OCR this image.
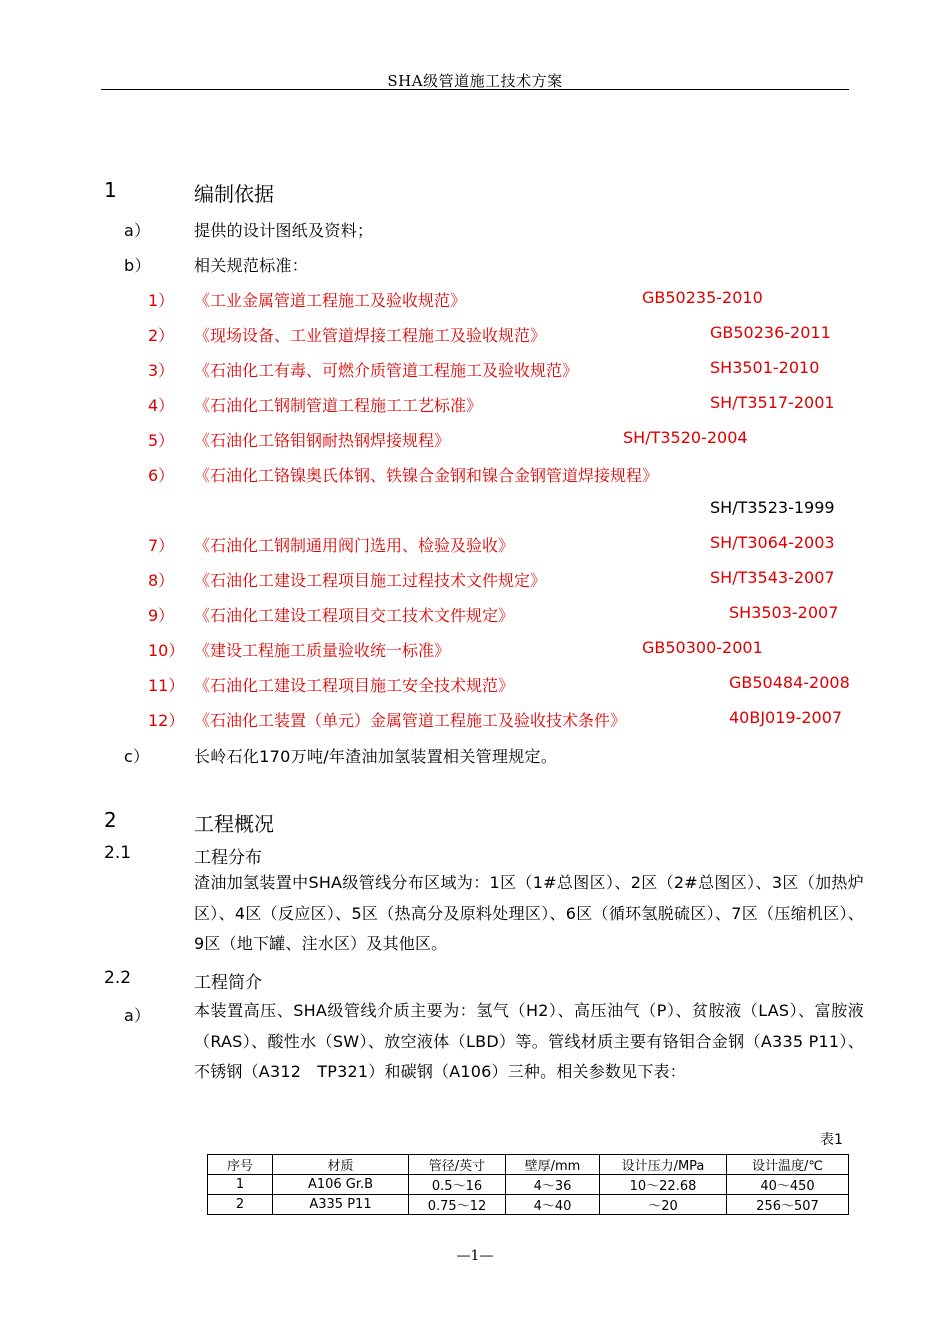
SHA级管道施工技术方案
1	编制依据
a）	提供的设计图纸及资料；
b）	相关规范标准：
1） 《工业金属管道工程施工及验收规范》	GB50235-2010
2） 《现场设备、工业管道焊接工程施工及验收规范》	GB50236-2011
3） 《石油化工有毒、可燃介质管道工程施工及验收规范》	SH3501-2010
4） 《石油化工钢制管道工程施工工艺标准》	SH/T3517-2001
5） 《石油化工铬钼钢耐热钢焊接规程》	SH/T3520-2004
6） 《石油化工铬镍奥氏体钢、铁镍合金钢和镍合金钢管道焊接规程》
SH/T3523-1999
7） 《石油化工钢制通用阀门选用、检验及验收》	SH/T3064-2003
8） 《石油化工建设工程项目施工过程技术文件规定》	SH/T3543-2007
9） 《石油化工建设工程项目交工技术文件规定》	SH3503-2007
10） 《建设工程施工质量验收统一标准》	GB50300-2001
11） 《石油化工建设工程项目施工安全技术规范》	GB50484-2008
12） 《石油化工装置（单元）金属管道工程施工及验收技术条件》	40BJ019-2007
c）	长岭石化170万吨/年渣油加氢装置相关管理规定。
2	工程概况
2.1	工程分布
渣油加氢装置中SHA级管线分布区域为：1区（1#总图区）、2区（2#总图区）、3区（加热炉区）、4区（反应区）、5区（热高分及原料处理区）、6区（循环氢脱硫区）、7区（压缩机区）、9区（地下罐、注水区）及其他区。
2.2	工程简介
a）	本装置高压、SHA级管线介质主要为：氢气（H2）、高压油气（P）、贫胺液（LAS）、富胺液（RAS）、酸性水（SW）、放空液体（LBD）等。管线材质主要有铬钼合金钢（A335 P11）、不锈钢（A312　TP321）和碳钢（A106）三种。相关参数见下表：
表1
序号	材质	管径/英寸	壁厚/mm	设计压力/MPa	设计温度/℃
1	A106 Gr.B	0.5～16	4～36	10～22.68	40～450
2	A335 P11	0.75～12	4～40	～20	256～507
—1—
